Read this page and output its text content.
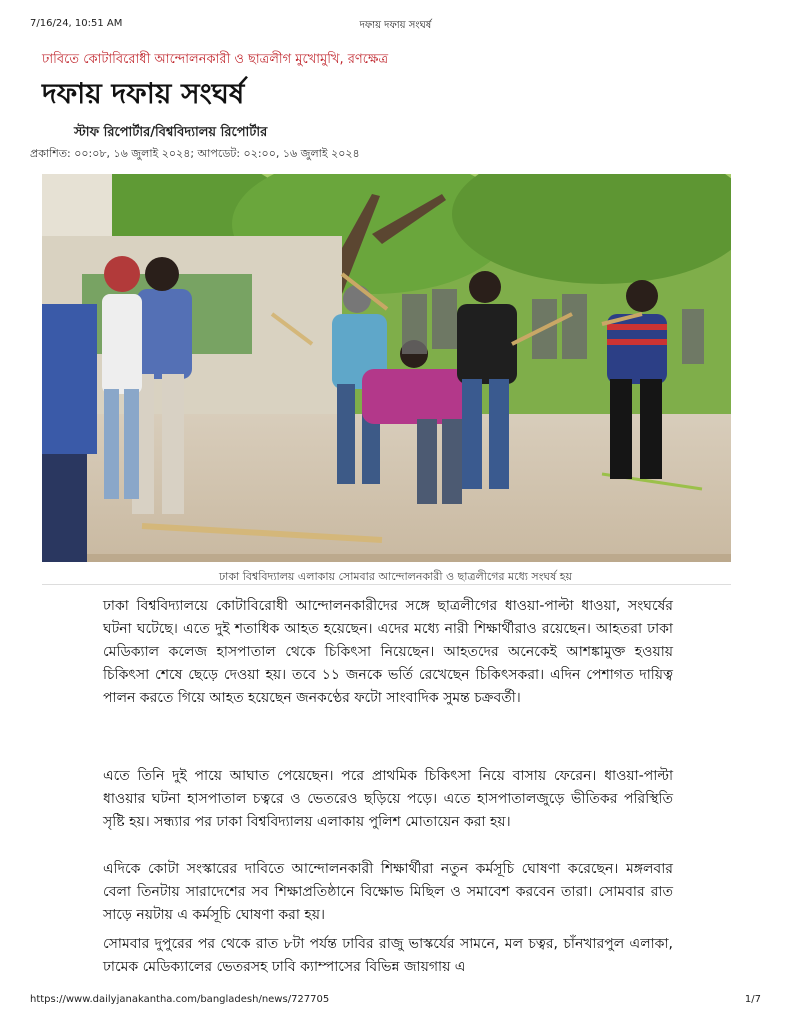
7/16/24, 10:51 AM	দফায় দফায় সংঘর্ষ
ঢাবিতে কোটাবিরোধী আন্দোলনকারী ও ছাত্রলীগ মুখোমুখি, রণক্ষেত্র
দফায় দফায় সংঘর্ষ
স্টাফ রিপোর্টার/বিশ্ববিদ্যালয় রিপোর্টার
প্রকাশিত: ০০:০৮, ১৬ জুলাই ২০২৪; আপডেট: ০২:০০, ১৬ জুলাই ২০২৪
ঢাকা বিশ্ববিদ্যালয় এলাকায় সোমবার আন্দোলনকারী ও ছাত্রলীগের মধ্যে সংঘর্ষ হয়

ঢাকা বিশ্ববিদ্যালয়ে কোটাবিরোধী আন্দোলনকারীদের সঙ্গে ছাত্রলীগের ধাওয়া-পাল্টা ধাওয়া, সংঘর্ষের ঘটনা ঘটেছে। এতে দুই শতাধিক আহত হয়েছেন। এদের মধ্যে নারী শিক্ষার্থীরাও রয়েছেন। আহতরা ঢাকা মেডিক্যাল কলেজ হাসপাতাল থেকে চিকিৎসা নিয়েছেন। আহতদের অনেকেই আশঙ্কামুক্ত হওয়ায় চিকিৎসা শেষে ছেড়ে দেওয়া হয়। তবে ১১ জনকে ভর্তি রেখেছেন চিকিৎসকরা। এদিন পেশাগত দায়িত্ব পালন করতে গিয়ে আহত হয়েছেন জনকণ্ঠের ফটো সাংবাদিক সুমন্ত চক্রবর্তী।

এতে তিনি দুই পায়ে আঘাত পেয়েছেন। পরে প্রাথমিক চিকিৎসা নিয়ে বাসায় ফেরেন। ধাওয়া-পাল্টা ধাওয়ার ঘটনা হাসপাতাল চত্বরে ও ভেতরেও ছড়িয়ে পড়ে। এতে হাসপাতালজুড়ে ভীতিকর পরিস্থিতি সৃষ্টি হয়। সন্ধ্যার পর ঢাকা বিশ্ববিদ্যালয় এলাকায় পুলিশ মোতায়েন করা হয়।

এদিকে কোটা সংস্কারের দাবিতে আন্দোলনকারী শিক্ষার্থীরা নতুন কর্মসূচি ঘোষণা করেছেন। মঙ্গলবার বেলা তিনটায় সারাদেশের সব শিক্ষাপ্রতিষ্ঠানে বিক্ষোভ মিছিল ও সমাবেশ করবেন তারা। সোমবার রাত সাড়ে নয়টায় এ কর্মসূচি ঘোষণা করা হয়।

সোমবার দুপুরের পর থেকে রাত ৮টা পর্যন্ত ঢাবির রাজু ভাস্কর্যের সামনে, মল চত্বর, চাঁনখারপুল এলাকা, ঢামেক মেডিক্যালের ভেতরসহ ঢাবি ক্যাম্পাসের বিভিন্ন জায়গায় এ

https://www.dailyjanakantha.com/bangladesh/news/727705	1/7
